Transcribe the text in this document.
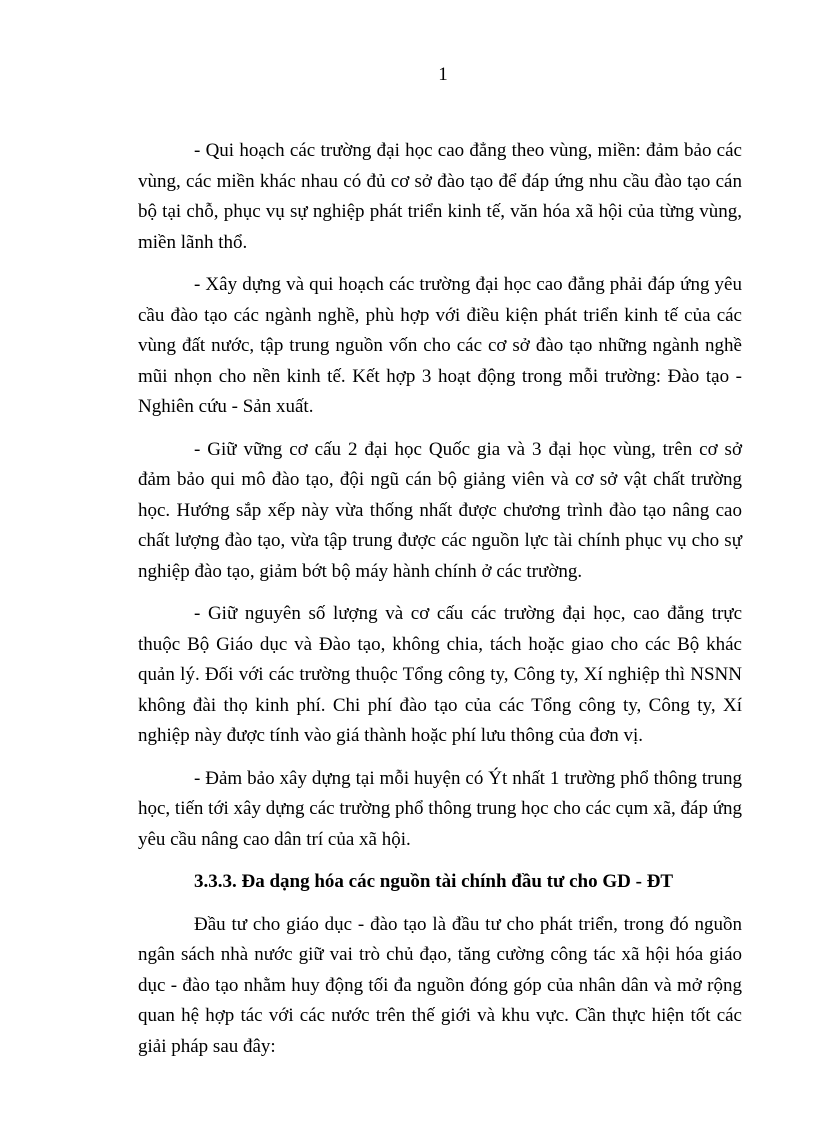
1

- Qui hoạch các trường đại học cao đẳng theo vùng, miền: đảm bảo các vùng, các miền khác nhau có đủ cơ sở đào tạo để đáp ứng nhu cầu đào tạo cán bộ tại chỗ, phục vụ sự nghiệp phát triển kinh tế, văn hóa xã hội của từng vùng, miền lãnh thổ.

- Xây dựng và qui hoạch các trường đại học cao đẳng phải đáp ứng yêu cầu đào tạo các ngành nghề, phù hợp với điều kiện phát triển kinh tế của các vùng đất nước, tập trung nguồn vốn cho các cơ sở đào tạo những ngành nghề mũi nhọn cho nền kinh tế. Kết hợp 3 hoạt động trong mỗi trường: Đào tạo - Nghiên cứu - Sản xuất.

- Giữ vững cơ cấu 2 đại học Quốc gia và 3 đại học vùng, trên cơ sở đảm bảo qui mô đào tạo, đội ngũ cán bộ giảng viên và cơ sở vật chất trường học. Hướng sắp xếp này vừa thống nhất được chương trình đào tạo nâng cao chất lượng đào tạo, vừa tập trung được các nguồn lực tài chính phục vụ cho sự nghiệp đào tạo, giảm bớt bộ máy hành chính ở các trường.

- Giữ nguyên số lượng và cơ cấu các trường đại học, cao đẳng trực thuộc Bộ Giáo dục và Đào tạo, không chia, tách hoặc giao cho các Bộ khác quản lý. Đối với các trường thuộc Tổng công ty, Công ty, Xí nghiệp thì NSNN không đài thọ kinh phí. Chi phí đào tạo của các Tổng công ty, Công ty, Xí nghiệp này được tính vào giá thành hoặc phí lưu thông của đơn vị.

- Đảm bảo xây dựng tại mỗi huyện có Ýt nhất 1 trường phổ thông trung học, tiến tới xây dựng các trường phổ thông trung học cho các cụm xã, đáp ứng yêu cầu nâng cao dân trí của xã hội.

3.3.3. Đa dạng hóa các nguồn tài chính đầu tư cho GD - ĐT

Đầu tư cho giáo dục - đào tạo là đầu tư cho phát triển, trong đó nguồn ngân sách nhà nước giữ vai trò chủ đạo, tăng cường công tác xã hội hóa giáo dục - đào tạo nhằm huy động tối đa nguồn đóng góp của nhân dân và mở rộng quan hệ hợp tác với các nước trên thế giới và khu vực. Cần thực hiện tốt các giải pháp sau đây:
